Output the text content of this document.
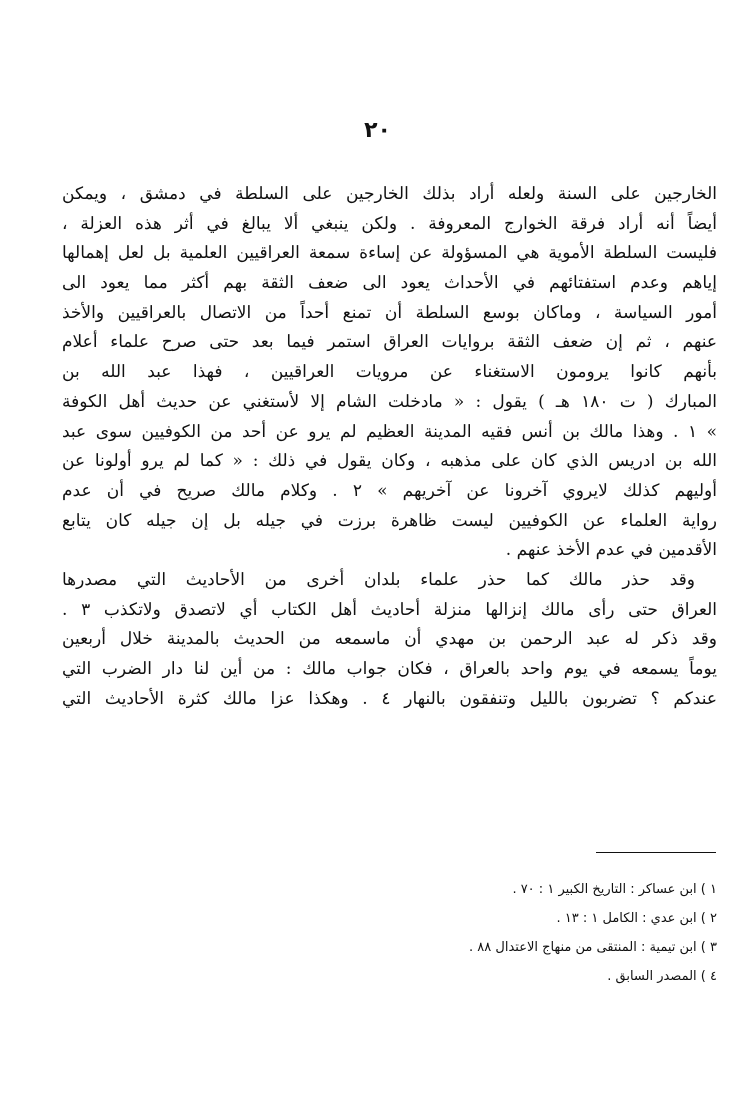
٢٠
الخارجين على السنة ولعله أراد بذلك الخارجين على السلطة في دمشق ، ويمكن
أيضاً أنه أراد فرقة الخوارج المعروفة . ولكن ينبغي ألا يبالغ في أثر هذه العزلة ،
فليست السلطة الأموية هي المسؤولة عن إساءة سمعة العراقيين العلمية بل لعل إهمالها
إياهم وعدم استفتائهم في الأحداث يعود الى ضعف الثقة بهم أكثر مما يعود الى
أمور السياسة ، وماكان بوسع السلطة أن تمنع أحداً من الاتصال بالعراقيين والأخذ
عنهم ، ثم إن ضعف الثقة بروايات العراق استمر فيما بعد حتى صرح علماء أعلام
بأنهم كانوا يرومون الاستغناء عن مرويات العراقيين ، فهذا عبد الله بن
المبارك ( ت ١٨٠ هـ ) يقول : « مادخلت الشام إلا لأستغني عن حديث أهل الكوفة
» ١ . وهذا مالك بن أنس فقيه المدينة العظيم لم يرو عن أحد من الكوفيين سوى عبد
الله بن ادريس الذي كان على مذهبه ، وكان يقول في ذلك : « كما لم يرو أولونا عن
أوليهم كذلك لايروي آخرونا عن آخريهم » ٢ . وكلام مالك صريح في أن عدم
رواية العلماء عن الكوفيين ليست ظاهرة برزت في جيله بل إن جيله كان يتابع
الأقدمين في عدم الأخذ عنهم .
وقد حذر مالك كما حذر علماء بلدان أخرى من الأحاديث التي مصدرها
العراق حتى رأى مالك إنزالها منزلة أحاديث أهل الكتاب أي لاتصدق ولاتكذب ٣ .
وقد ذكر له عبد الرحمن بن مهدي أن ماسمعه من الحديث بالمدينة خلال أربعين
يوماً يسمعه في يوم واحد بالعراق ، فكان جواب مالك : من أين لنا دار الضرب التي
عندكم ؟ تضربون بالليل وتنفقون بالنهار ٤ . وهكذا عزا مالك كثرة الأحاديث التي
١ ) ابن عساكر : التاريخ الكبير ١ : ٧٠ .
٢ ) ابن عدي : الكامل ١ : ١٣ .
٣ ) ابن تيمية : المنتقى من منهاج الاعتدال ٨٨ .
٤ ) المصدر السابق .
